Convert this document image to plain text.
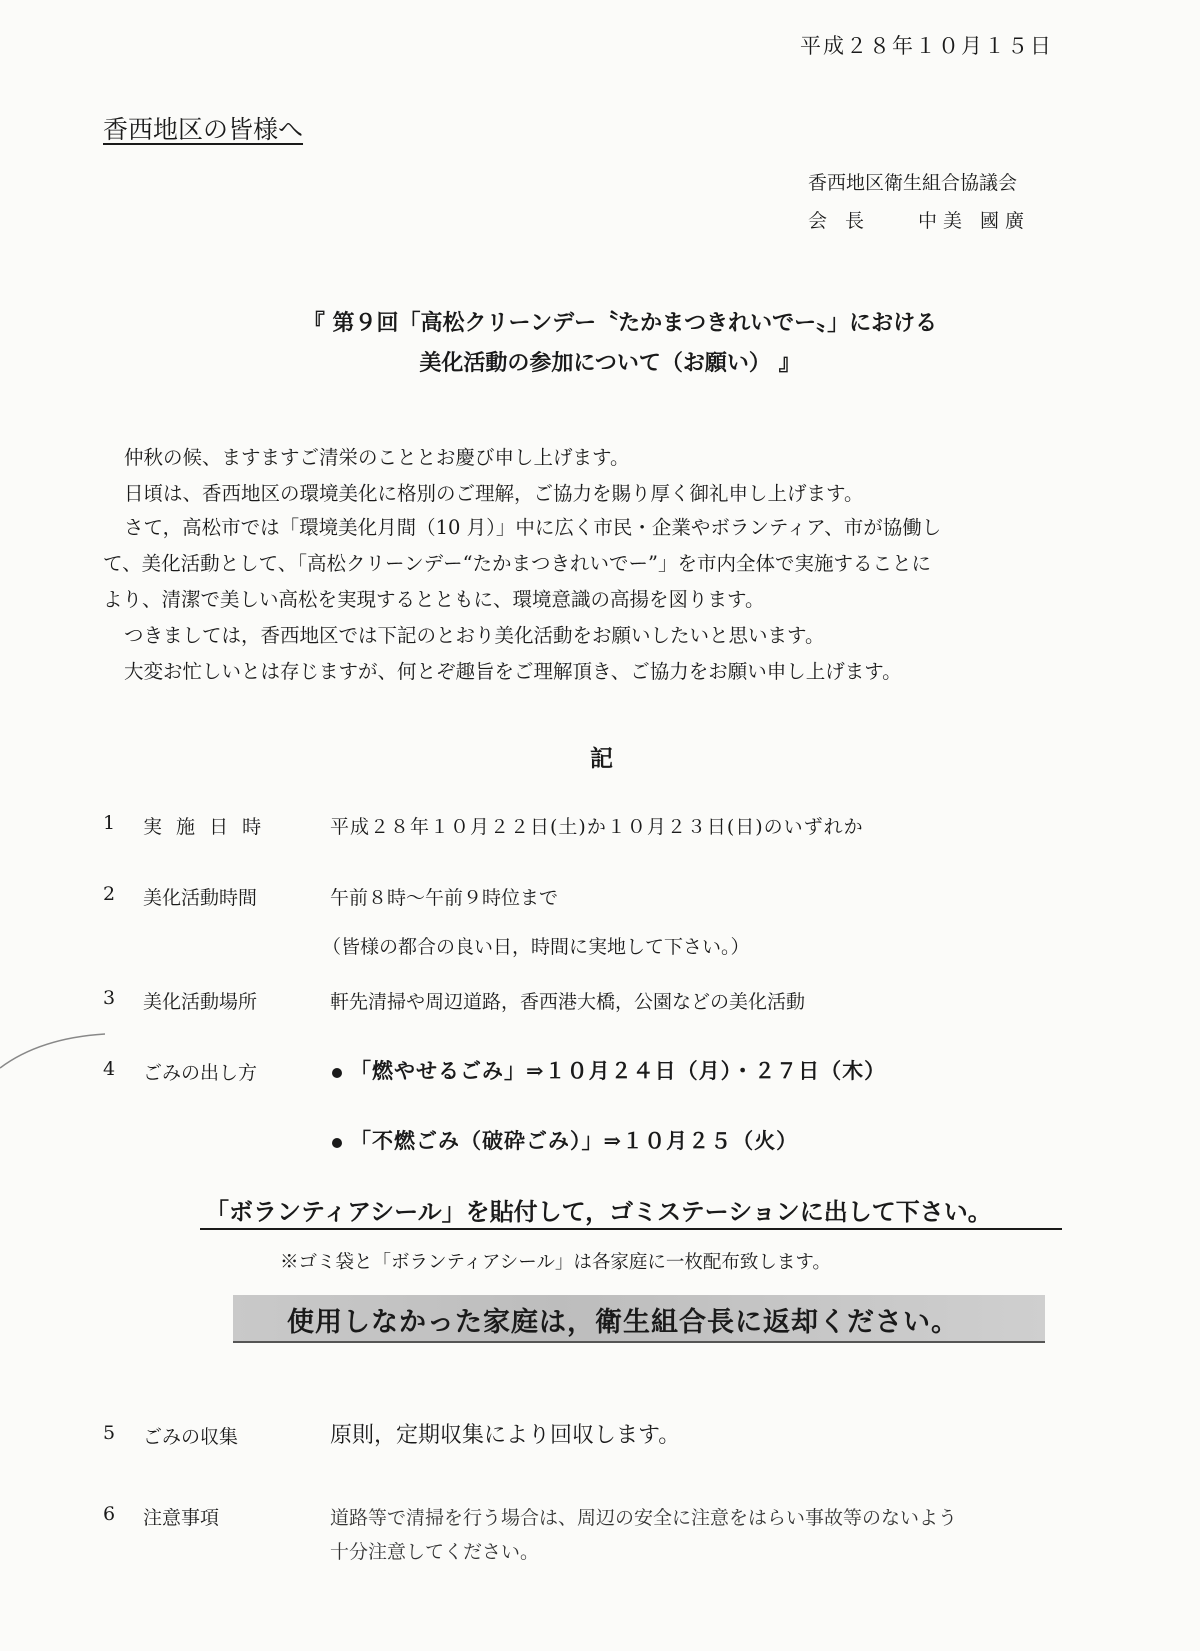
平成２８年１０月１５日
香西地区の皆様へ
香西地区衛生組合協議会
会 長	中美 國廣
『 第９回「高松クリーンデー〝たかまつきれいでー〟」における
美化活動の参加について（お願い） 』
仲秋の候、ますますご清栄のこととお慶び申し上げます。
日頃は、香西地区の環境美化に格別のご理解，ご協力を賜り厚く御礼申し上げます。
さて，高松市では「環境美化月間（10 月）」中に広く市民・企業やボランティア、市が協働し
て、美化活動として、「高松クリーンデー“たかまつきれいでー”」を市内全体で実施することに
より、清潔で美しい高松を実現するとともに、環境意識の高揚を図ります。
つきましては，香西地区では下記のとおり美化活動をお願いしたいと思います。
大変お忙しいとは存じますが、何とぞ趣旨をご理解頂き、ご協力をお願い申し上げます。
記
1 実 施 日 時	平成２８年１０月２２日(土)か１０月２３日(日)のいずれか
2 美化活動時間	午前８時～午前９時位まで
（皆様の都合の良い日，時間に実地して下さい。）
3 美化活動場所	軒先清掃や周辺道路，香西港大橋，公園などの美化活動
4 ごみの出し方	「燃やせるごみ」⇒１０月２４日（月）・２７日（木）
「不燃ごみ（破砕ごみ）」⇒１０月２５（火）
「ボランティアシール」を貼付して，ゴミステーションに出して下さい。
※ゴミ袋と「ボランティアシール」は各家庭に一枚配布致します。
使用しなかった家庭は，衛生組合長に返却ください。
5 ごみの収集	原則，定期収集により回収します。
6 注意事項	道路等で清掃を行う場合は、周辺の安全に注意をはらい事故等のないよう
十分注意してください。
